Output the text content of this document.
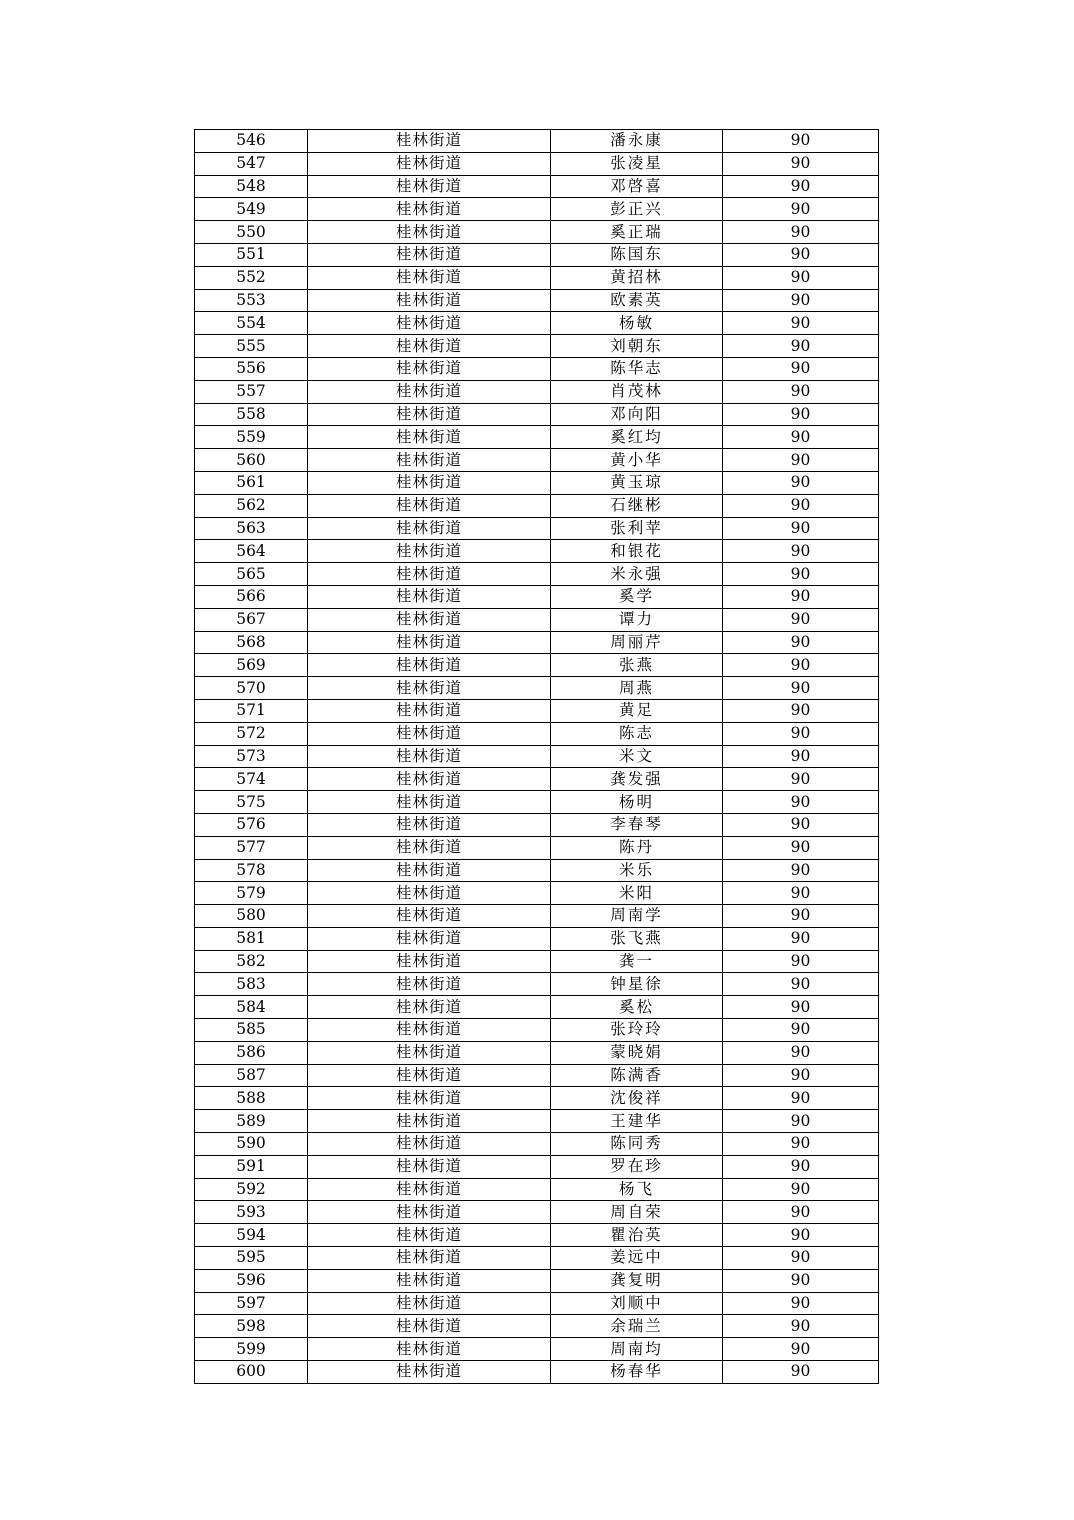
546	桂林街道	潘永康	90
547	桂林街道	张凌星	90
548	桂林街道	邓啓喜	90
549	桂林街道	彭正兴	90
550	桂林街道	奚正瑞	90
551	桂林街道	陈国东	90
552	桂林街道	黄招林	90
553	桂林街道	欧素英	90
554	桂林街道	杨敏	90
555	桂林街道	刘朝东	90
556	桂林街道	陈华志	90
557	桂林街道	肖茂林	90
558	桂林街道	邓向阳	90
559	桂林街道	奚红均	90
560	桂林街道	黄小华	90
561	桂林街道	黄玉琼	90
562	桂林街道	石继彬	90
563	桂林街道	张利苹	90
564	桂林街道	和银花	90
565	桂林街道	米永强	90
566	桂林街道	奚学	90
567	桂林街道	谭力	90
568	桂林街道	周丽芹	90
569	桂林街道	张燕	90
570	桂林街道	周燕	90
571	桂林街道	黄足	90
572	桂林街道	陈志	90
573	桂林街道	米文	90
574	桂林街道	龚发强	90
575	桂林街道	杨明	90
576	桂林街道	李春琴	90
577	桂林街道	陈丹	90
578	桂林街道	米乐	90
579	桂林街道	米阳	90
580	桂林街道	周南学	90
581	桂林街道	张飞燕	90
582	桂林街道	龚一	90
583	桂林街道	钟星徐	90
584	桂林街道	奚松	90
585	桂林街道	张玲玲	90
586	桂林街道	蒙晓娟	90
587	桂林街道	陈满香	90
588	桂林街道	沈俊祥	90
589	桂林街道	王建华	90
590	桂林街道	陈同秀	90
591	桂林街道	罗在珍	90
592	桂林街道	杨飞	90
593	桂林街道	周自荣	90
594	桂林街道	瞿治英	90
595	桂林街道	姜远中	90
596	桂林街道	龚复明	90
597	桂林街道	刘顺中	90
598	桂林街道	余瑞兰	90
599	桂林街道	周南均	90
600	桂林街道	杨春华	90
